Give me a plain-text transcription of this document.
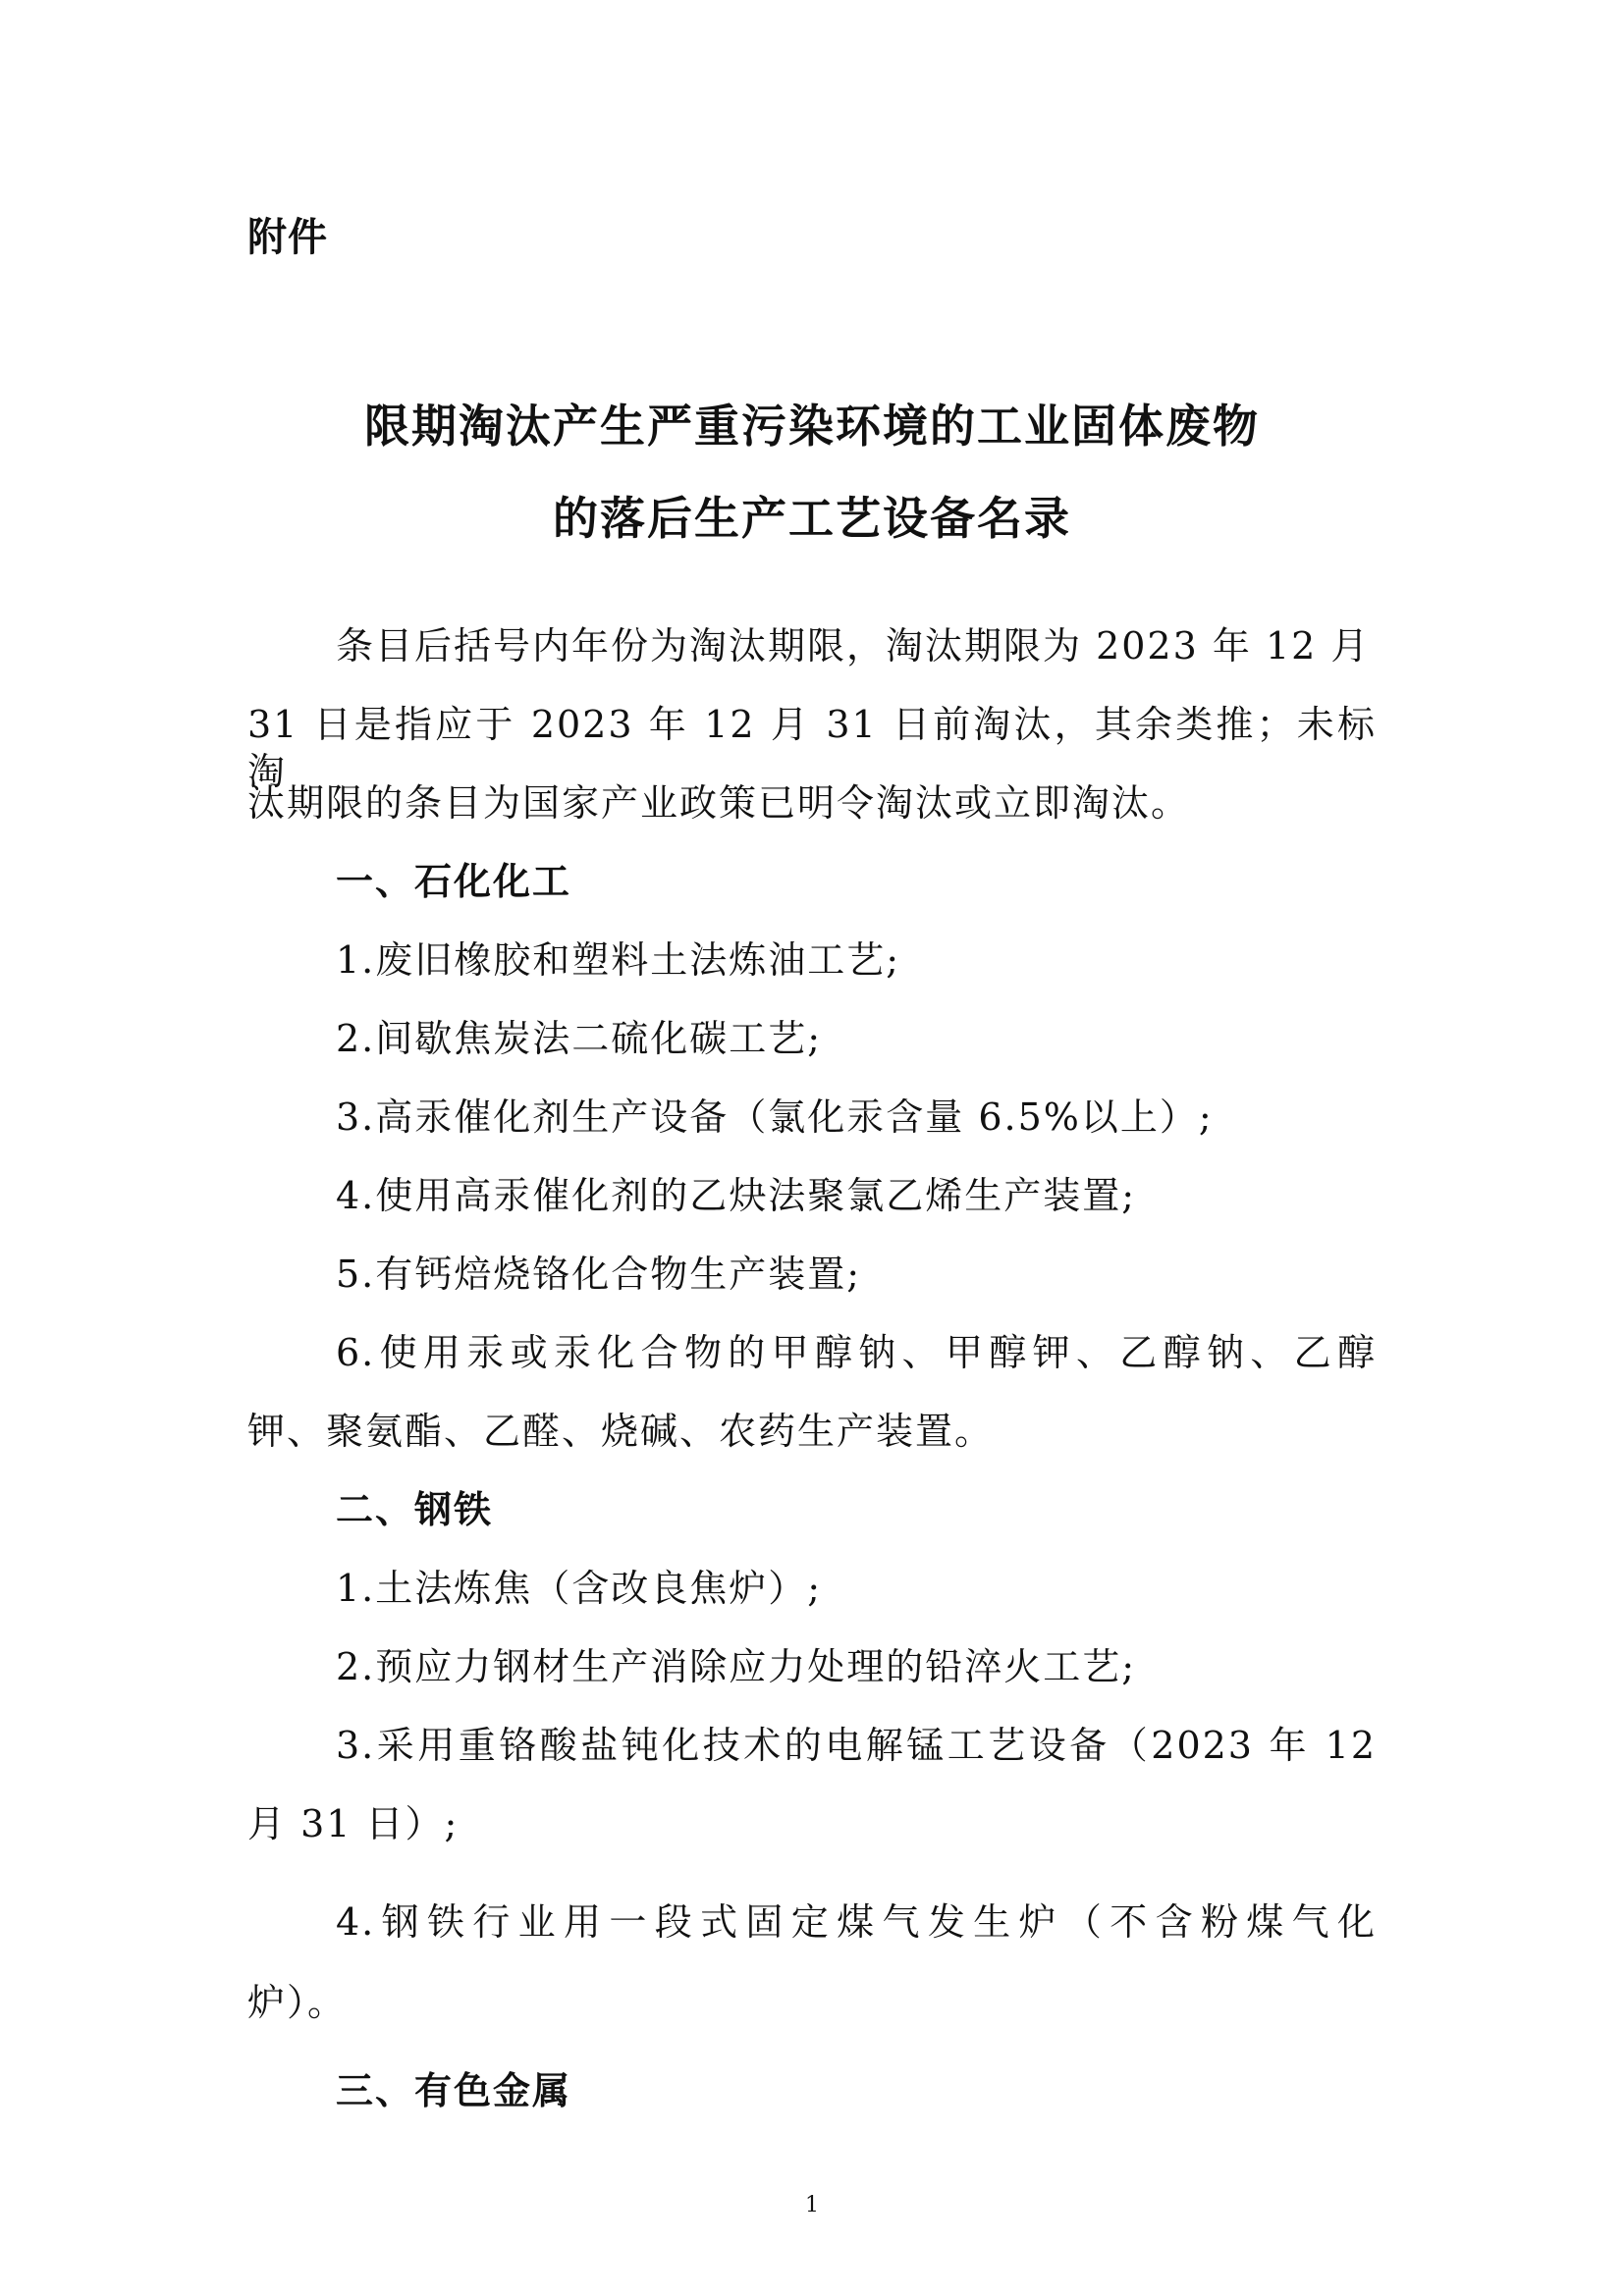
附件

限期淘汰产生严重污染环境的工业固体废物

的落后生产工艺设备名录

条目后括号内年份为淘汰期限，淘汰期限为 2023 年 12 月

31 日是指应于 2023 年 12 月 31 日前淘汰，其余类推；未标淘

汰期限的条目为国家产业政策已明令淘汰或立即淘汰。

一、石化化工

1.废旧橡胶和塑料土法炼油工艺;

2.间歇焦炭法二硫化碳工艺;

3.高汞催化剂生产设备（氯化汞含量 6.5%以上）;

4.使用高汞催化剂的乙炔法聚氯乙烯生产装置;

5.有钙焙烧铬化合物生产装置;

6.使用汞或汞化合物的甲醇钠、甲醇钾、乙醇钠、乙醇

钾、聚氨酯、乙醛、烧碱、农药生产装置。

二、钢铁

1.土法炼焦（含改良焦炉）;

2.预应力钢材生产消除应力处理的铅淬火工艺;

3.采用重铬酸盐钝化技术的电解锰工艺设备（2023 年 12

月 31 日）;

4.钢铁行业用一段式固定煤气发生炉（不含粉煤气化

炉）。

三、有色金属

1
